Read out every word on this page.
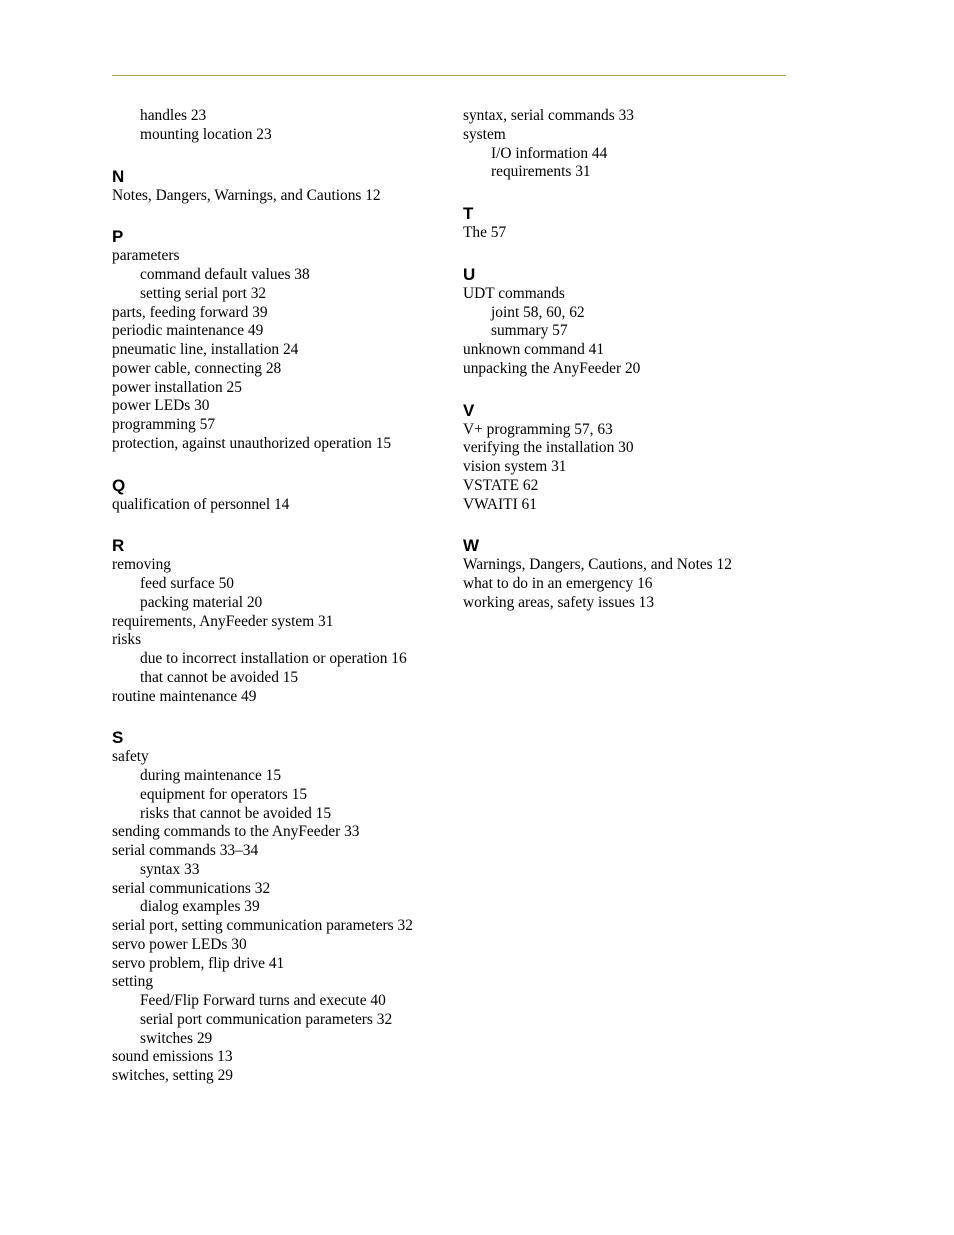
handles 23
mounting location 23
N
Notes, Dangers, Warnings, and Cautions 12
P
parameters
command default values 38
setting serial port 32
parts, feeding forward 39
periodic maintenance 49
pneumatic line, installation 24
power cable, connecting 28
power installation 25
power LEDs 30
programming 57
protection, against unauthorized operation 15
Q
qualification of personnel 14
R
removing
feed surface 50
packing material 20
requirements, AnyFeeder system 31
risks
due to incorrect installation or operation 16
that cannot be avoided 15
routine maintenance 49
S
safety
during maintenance 15
equipment for operators 15
risks that cannot be avoided 15
sending commands to the AnyFeeder 33
serial commands 33–34
syntax 33
serial communications 32
dialog examples 39
serial port, setting communication parameters 32
servo power LEDs 30
servo problem, flip drive 41
setting
Feed/Flip Forward turns and execute 40
serial port communication parameters 32
switches 29
sound emissions 13
switches, setting 29
syntax, serial commands 33
system
I/O information 44
requirements 31
T
The 57
U
UDT commands
joint 58, 60, 62
summary 57
unknown command 41
unpacking the AnyFeeder 20
V
V+ programming 57, 63
verifying the installation 30
vision system 31
VSTATE 62
VWAITI 61
W
Warnings, Dangers, Cautions, and Notes 12
what to do in an emergency 16
working areas, safety issues 13
